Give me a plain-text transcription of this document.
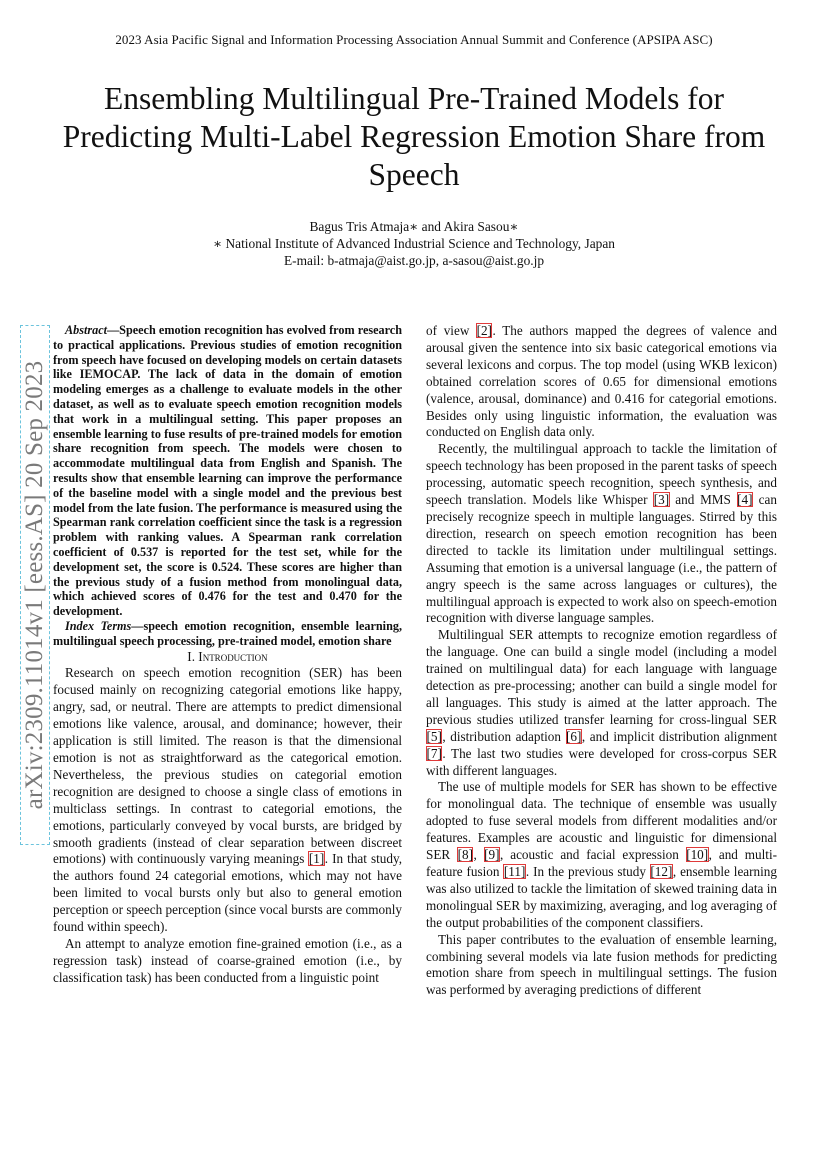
2023 Asia Pacific Signal and Information Processing Association Annual Summit and Conference (APSIPA ASC)
Ensembling Multilingual Pre-Trained Models for Predicting Multi-Label Regression Emotion Share from Speech
Bagus Tris Atmaja∗ and Akira Sasou∗
∗ National Institute of Advanced Industrial Science and Technology, Japan
E-mail: b-atmaja@aist.go.jp, a-sasou@aist.go.jp
arXiv:2309.11014v1 [eess.AS] 20 Sep 2023

Abstract—Speech emotion recognition has evolved from research to practical applications. Previous studies of emotion recognition from speech have focused on developing models on certain datasets like IEMOCAP. The lack of data in the domain of emotion modeling emerges as a challenge to evaluate models in the other dataset, as well as to evaluate speech emotion recognition models that work in a multilingual setting. This paper proposes an ensemble learning to fuse results of pre-trained models for emotion share recognition from speech. The models were chosen to accommodate multilingual data from English and Spanish. The results show that ensemble learning can improve the performance of the baseline model with a single model and the previous best model from the late fusion. The performance is measured using the Spearman rank correlation coefficient since the task is a regression problem with ranking values. A Spearman rank correlation coefficient of 0.537 is reported for the test set, while for the development set, the score is 0.524. These scores are higher than the previous study of a fusion method from monolingual data, which achieved scores of 0.476 for the test and 0.470 for the development.

Index Terms—speech emotion recognition, ensemble learning, multilingual speech processing, pre-trained model, emotion share

I. Introduction

Research on speech emotion recognition (SER) has been focused mainly on recognizing categorial emotions like happy, angry, sad, or neutral. There are attempts to predict dimensional emotions like valence, arousal, and dominance; however, their application is still limited. The reason is that the dimensional emotion is not as straightforward as the categorical emotion. Nevertheless, the previous studies on categorial emotion recognition are designed to choose a single class of emotions in multiclass settings. In contrast to categorial emotions, the emotions, particularly conveyed by vocal bursts, are bridged by smooth gradients (instead of clear separation between discreet emotions) with continuously varying meanings [1]. In that study, the authors found 24 categorial emotions, which may not have been limited to vocal bursts only but also to general emotion perception or speech perception (since vocal bursts are commonly found within speech).

An attempt to analyze emotion fine-grained emotion (i.e., as a regression task) instead of coarse-grained emotion (i.e., by classification task) has been conducted from a linguistic point

of view [2]. The authors mapped the degrees of valence and arousal given the sentence into six basic categorical emotions via several lexicons and corpus. The top model (using WKB lexicon) obtained correlation scores of 0.65 for dimensional emotions (valence, arousal, dominance) and 0.416 for categorial emotions. Besides only using linguistic information, the evaluation was conducted on English data only.

Recently, the multilingual approach to tackle the limitation of speech technology has been proposed in the parent tasks of speech processing, automatic speech recognition, speech synthesis, and speech translation. Models like Whisper [3] and MMS [4] can precisely recognize speech in multiple languages. Stirred by this direction, research on speech emotion recognition has been directed to tackle its limitation under multilingual settings. Assuming that emotion is a universal language (i.e., the pattern of angry speech is the same across languages or cultures), the multilingual approach is expected to work also on speech-emotion recognition with diverse language samples.

Multilingual SER attempts to recognize emotion regardless of the language. One can build a single model (including a model trained on multilingual data) for each language with language detection as pre-processing; another can build a single model for all languages. This study is aimed at the latter approach. The previous studies utilized transfer learning for cross-lingual SER [5], distribution adaption [6], and implicit distribution alignment [7]. The last two studies were developed for cross-corpus SER with different languages.

The use of multiple models for SER has shown to be effective for monolingual data. The technique of ensemble was usually adopted to fuse several models from different modalities and/or features. Examples are acoustic and linguistic for dimensional SER [8], [9], acoustic and facial expression [10], and multi-feature fusion [11]. In the previous study [12], ensemble learning was also utilized to tackle the limitation of skewed training data in monolingual SER by maximizing, averaging, and log averaging of the output probabilities of the component classifiers.

This paper contributes to the evaluation of ensemble learning, combining several models via late fusion methods for predicting emotion share from speech in multilingual settings. The fusion was performed by averaging predictions of different
